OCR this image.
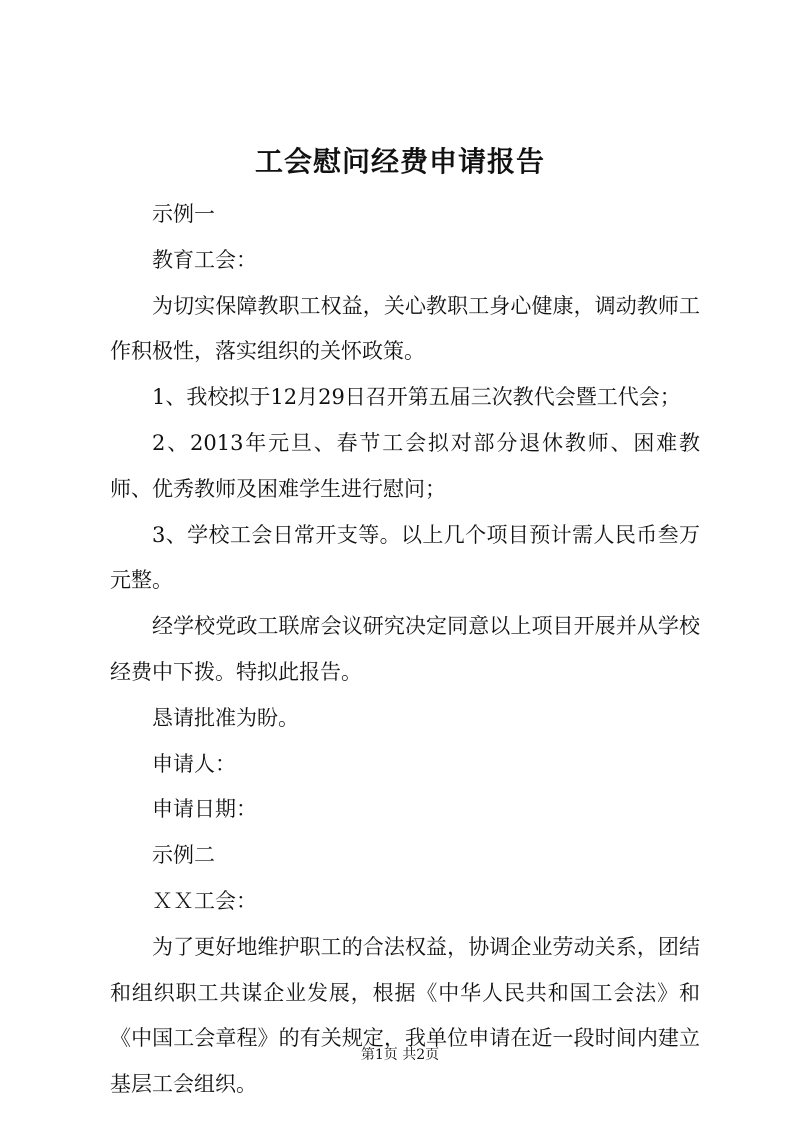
工会慰问经费申请报告

示例一

教育工会：

为切实保障教职工权益，关心教职工身心健康，调动教师工作积极性，落实组织的关怀政策。

1、我校拟于12月29日召开第五届三次教代会暨工代会；

2、2013年元旦、春节工会拟对部分退休教师、困难教师、优秀教师及困难学生进行慰问；

3、学校工会日常开支等。以上几个项目预计需人民币叁万元整。

经学校党政工联席会议研究决定同意以上项目开展并从学校经费中下拨。特拟此报告。

恳请批准为盼。

申请人：

申请日期：

示例二

ＸＸ工会：

为了更好地维护职工的合法权益，协调企业劳动关系，团结和组织职工共谋企业发展，根据《中华人民共和国工会法》和《中国工会章程》的有关规定，我单位申请在近一段时间内建立基层工会组织。

第1页 共2页
